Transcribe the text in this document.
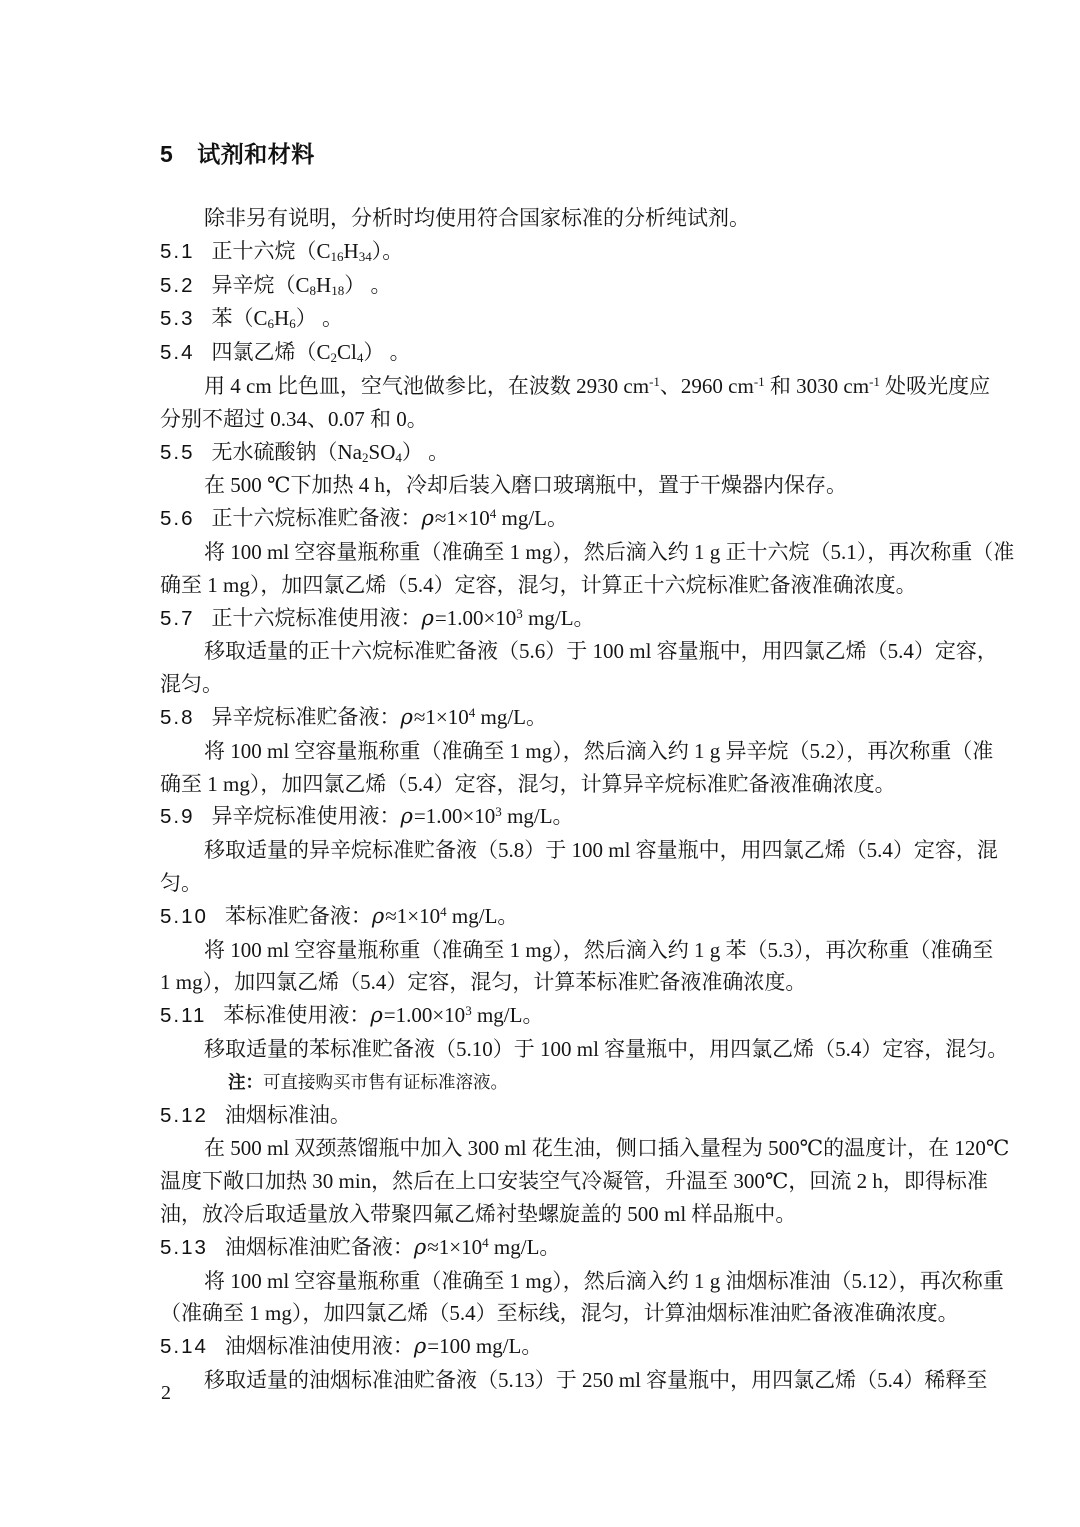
5 试剂和材料
除非另有说明，分析时均使用符合国家标准的分析纯试剂。
5.1 正十六烷$(C_{16}H_{34})$。
5.2 异辛烷$(C_8H_{18})$ 。
5.3 苯$(C_6H_6)$ 。
5.4 四氯乙烯$(C_2Cl_4)$ 。
用 4 cm 比色皿，空气池做参比，在波数 2930 $cm^{-1}$、2960 $cm^{-1}$ 和 3030 $cm^{-1}$ 处吸光度应
分别不超过 0.34、0.07 和 0。
5.5 无水硫酸钠$(Na_2SO_4)$ 。
在 500 ℃下加热 4 h，冷却后装入磨口玻璃瓶中，置于干燥器内保存。
5.6 正十六烷标准贮备液：$\rho\approx 1\times 10^4$ mg/L。
将 100 ml 空容量瓶称重（准确至 1 mg），然后滴入约 1 g 正十六烷（5.1），再次称重（准
确至 1 mg），加四氯乙烯（5.4）定容，混匀，计算正十六烷标准贮备液准确浓度。
5.7 正十六烷标准使用液：$\rho=1.00\times 10^3$ mg/L。
移取适量的正十六烷标准贮备液（5.6）于 100 ml 容量瓶中，用四氯乙烯（5.4）定容，
混匀。
5.8 异辛烷标准贮备液：$\rho\approx 1\times 10^4$ mg/L。
将 100 ml 空容量瓶称重（准确至 1 mg），然后滴入约 1 g 异辛烷（5.2），再次称重（准
确至 1 mg），加四氯乙烯（5.4）定容，混匀，计算异辛烷标准贮备液准确浓度。
5.9 异辛烷标准使用液：$\rho=1.00\times 10^3$ mg/L。
移取适量的异辛烷标准贮备液（5.8）于 100 ml 容量瓶中，用四氯乙烯（5.4）定容，混
匀。
5.10 苯标准贮备液：$\rho\approx 1\times 10^4$ mg/L。
将 100 ml 空容量瓶称重（准确至 1 mg），然后滴入约 1 g 苯（5.3），再次称重（准确至
1 mg），加四氯乙烯（5.4）定容，混匀，计算苯标准贮备液准确浓度。
5.11 苯标准使用液：$\rho=1.00\times 10^3$ mg/L。
移取适量的苯标准贮备液（5.10）于 100 ml 容量瓶中，用四氯乙烯（5.4）定容，混匀。
注：可直接购买市售有证标准溶液。
5.12 油烟标准油。
在 500 ml 双颈蒸馏瓶中加入 300 ml 花生油，侧口插入量程为 500℃的温度计，在 120℃
温度下敞口加热 30 min，然后在上口安装空气冷凝管，升温至 300℃，回流 2 h，即得标准
油，放冷后取适量放入带聚四氟乙烯衬垫螺旋盖的 500 ml 样品瓶中。
5.13 油烟标准油贮备液：$\rho\approx 1\times 10^4$ mg/L。
将 100 ml 空容量瓶称重（准确至 1 mg），然后滴入约 1 g 油烟标准油（5.12），再次称重
（准确至 1 mg），加四氯乙烯（5.4）至标线，混匀，计算油烟标准油贮备液准确浓度。
5.14 油烟标准油使用液：ρ=100 mg/L。
移取适量的油烟标准油贮备液（5.13）于 250 ml 容量瓶中，用四氯乙烯（5.4）稀释至
2
